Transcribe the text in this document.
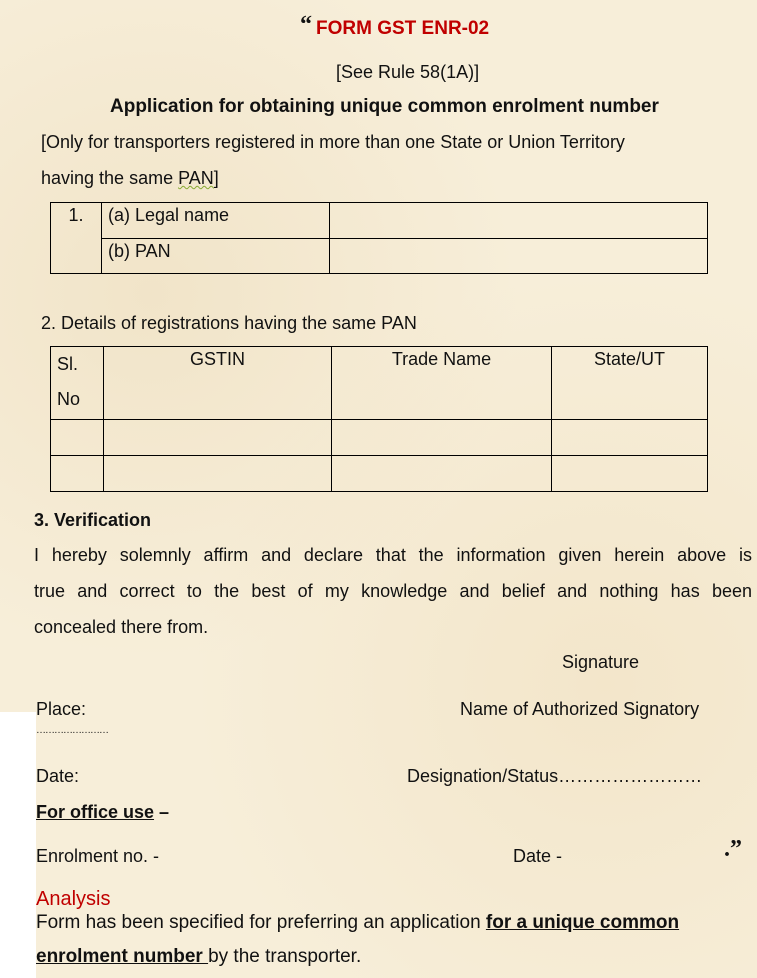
“ FORM GST ENR-02
[See Rule 58(1A)]
Application for obtaining unique common enrolment number
[Only for transporters registered in more than one State or Union Territory
having the same PAN]
1.	(a) Legal name	
	(b) PAN	
2. Details of registrations having the same PAN
Sl.
No	GSTIN	Trade Name	State/UT

3. Verification
I hereby solemnly affirm and declare that the information given herein above is
true and correct to the best of my knowledge and belief and nothing has been
concealed there from.
Signature
Place:	Name of Authorized Signatory
……………………
Date:	Designation/Status……………………
For office use –
Enrolment no. -	Date -	.”
Analysis
Form has been specified for preferring an application for a unique common
enrolment number by the transporter.
